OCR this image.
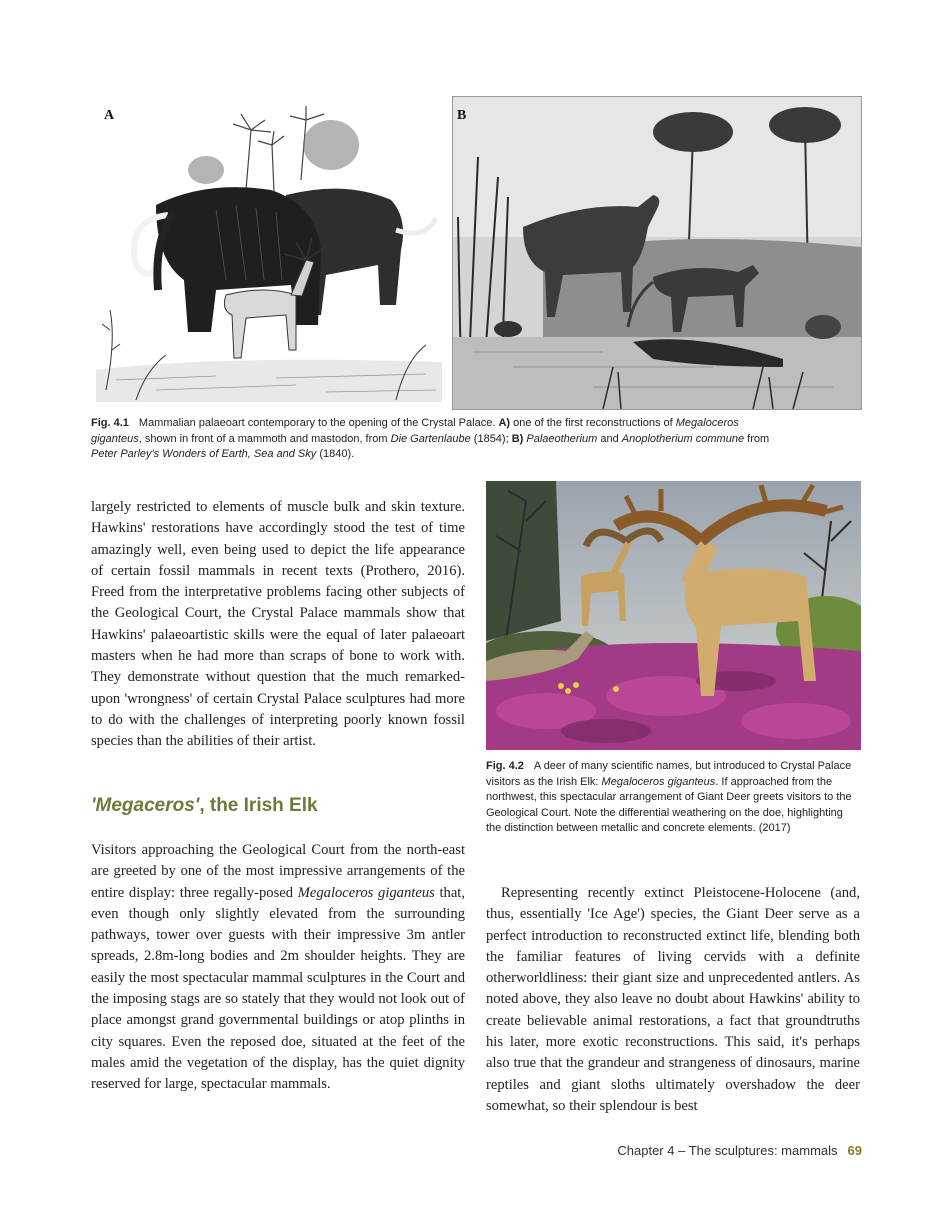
A	B
Fig. 4.1 Mammalian palaeoart contemporary to the opening of the Crystal Palace. A) one of the first reconstructions of Megaloceros giganteus, shown in front of a mammoth and mastodon, from Die Gartenlaube (1854); B) Palaeotherium and Anoplotherium commune from Peter Parley's Wonders of Earth, Sea and Sky (1840).

largely restricted to elements of muscle bulk and skin texture. Hawkins' restorations have accordingly stood the test of time amazingly well, even being used to depict the life appearance of certain fossil mammals in recent texts (Prothero, 2016). Freed from the interpretative problems facing other subjects of the Geological Court, the Crystal Palace mammals show that Hawkins' palaeoartistic skills were the equal of later palaeoart masters when he had more than scraps of bone to work with. They demonstrate without question that the much remarked-upon 'wrongness' of certain Crystal Palace sculptures had more to do with the challenges of interpreting poorly known fossil species than the abilities of their artist.

'Megaceros', the Irish Elk

Visitors approaching the Geological Court from the north-east are greeted by one of the most impressive arrangements of the entire display: three regally-posed Megaloceros giganteus that, even though only slightly elevated from the surrounding pathways, tower over guests with their impressive 3m antler spreads, 2.8m-long bodies and 2m shoulder heights. They are easily the most spectacular mammal sculptures in the Court and the imposing stags are so stately that they would not look out of place amongst grand governmental buildings or atop plinths in city squares. Even the reposed doe, situated at the feet of the males amid the vegetation of the display, has the quiet dignity reserved for large, spectacular mammals.

Fig. 4.2 A deer of many scientific names, but introduced to Crystal Palace visitors as the Irish Elk: Megaloceros giganteus. If approached from the northwest, this spectacular arrangement of Giant Deer greets visitors to the Geological Court. Note the differential weathering on the doe, highlighting the distinction between metallic and concrete elements. (2017)

Representing recently extinct Pleistocene-Holocene (and, thus, essentially 'Ice Age') species, the Giant Deer serve as a perfect introduction to reconstructed extinct life, blending both the familiar features of living cervids with a definite otherworldliness: their giant size and unprecedented antlers. As noted above, they also leave no doubt about Hawkins' ability to create believable animal restorations, a fact that groundtruths his later, more exotic reconstructions. This said, it's perhaps also true that the grandeur and strangeness of dinosaurs, marine reptiles and giant sloths ultimately overshadow the deer somewhat, so their splendour is best

Chapter 4 – The sculptures: mammals 69
